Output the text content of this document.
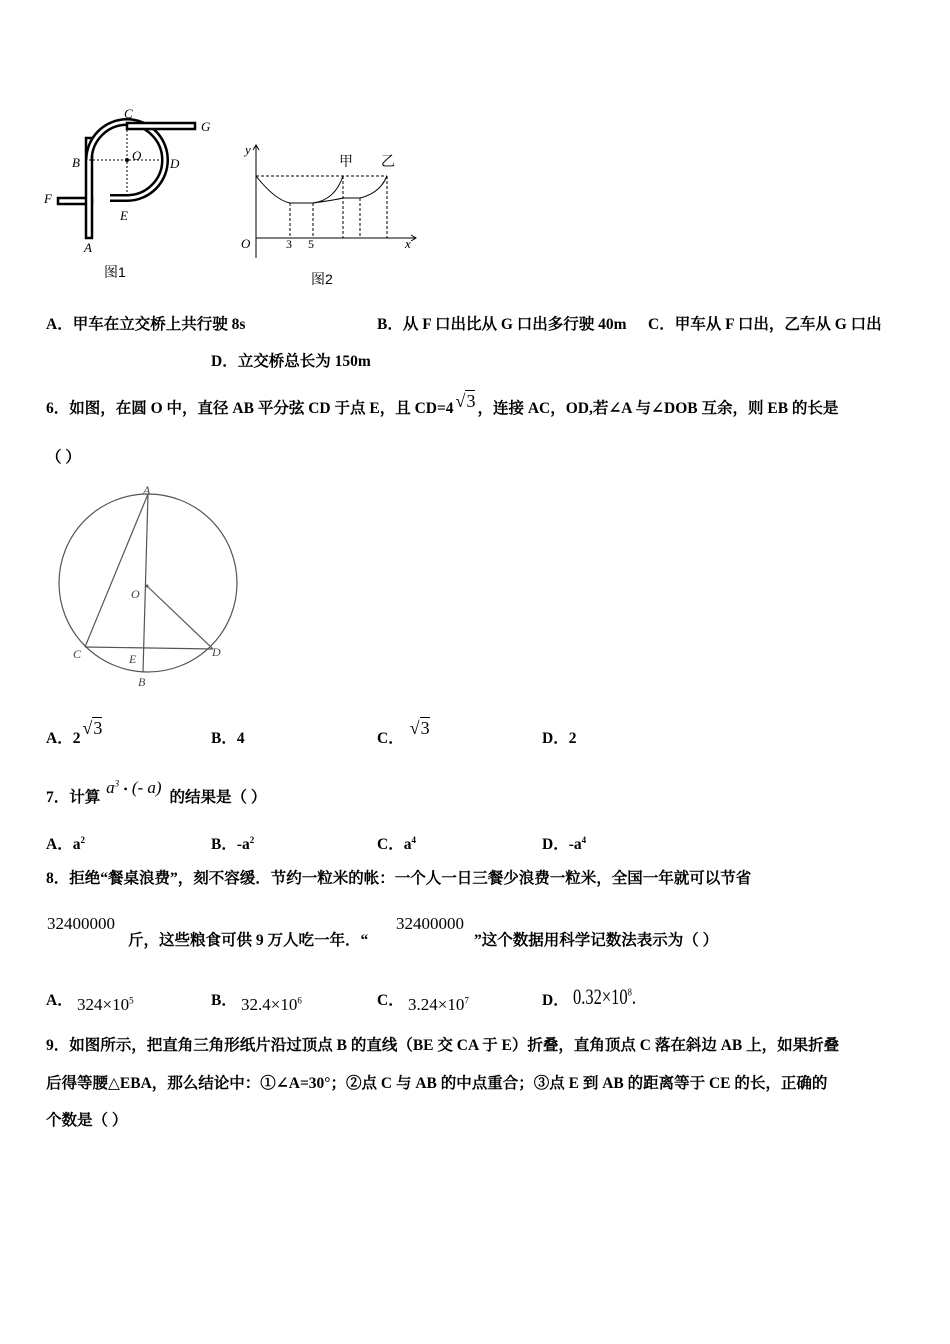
C
G
B	O
D
F
E
A
图1
y
甲 乙
O	3 5	x
图2
A．甲车在立交桥上共行驶 8s	B．从 F 口出比从 G 口出多行驶 40m C．甲车从 F 口出，乙车从 G 口出
D．立交桥总长为 150m
6．如图，在圆 O 中，直径 AB 平分弦 CD 于点 E，且 CD=4 √3 ，连接 AC，OD,若∠A 与∠DOB 互余，则 EB 的长是
（ ）
A
O
C	E	D
B
A．2√3
B．4	C．√3
D．2
7．计算 $a^3$ • (- a) 的结果是（ ）
A．$a^2$	B．$-a^2$	C．$a^4$	D．$-a^4$
8．拒绝“餐桌浪费”，刻不容缓．节约一粒米的帐：一个人一日三餐少浪费一粒米，全国一年就可以节省
32400000
斤，这些粮食可供 9 万人吃一年．“
32400000
”这个数据用科学记数法表示为（ ）
A． $324\times 10^5$	B． $32.4\times 10^6$	C． $3.24\times 10^7$	D． $0.32\times 10^8$.
9．如图所示，把直角三角形纸片沿过顶点 B 的直线（BE 交 CA 于 E）折叠，直角顶点 C 落在斜边 AB 上，如果折叠
后得等腰△EBA，那么结论中：①∠A=30°；②点 C 与 AB 的中点重合；③点 E 到 AB 的距离等于 CE 的长，正确的
个数是（ ）
